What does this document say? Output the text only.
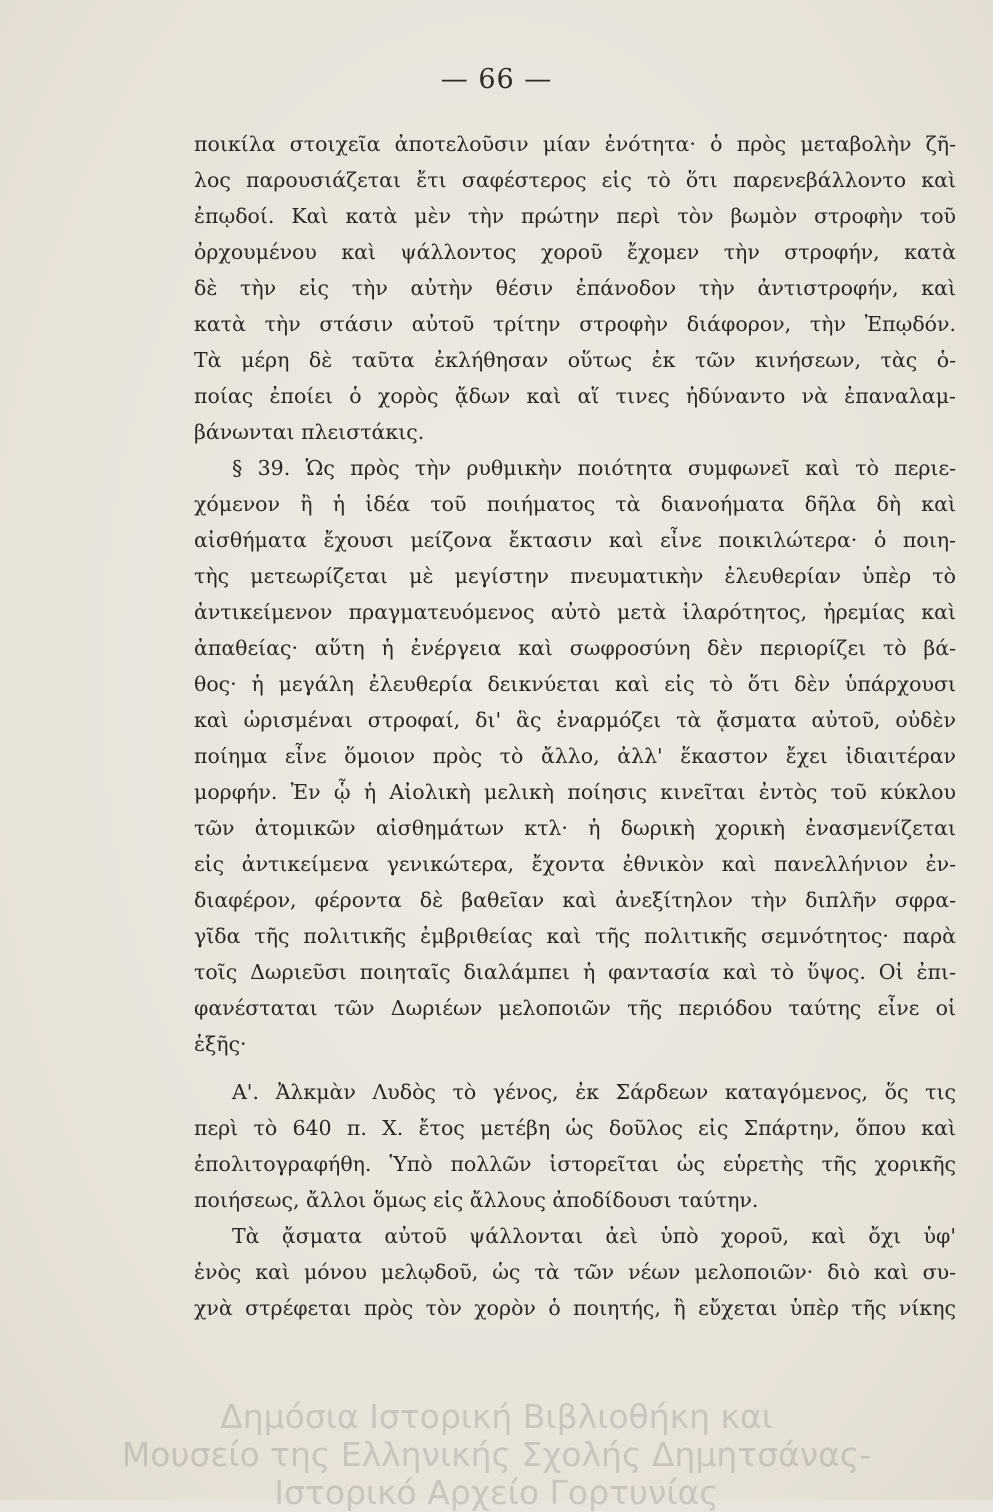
— 66 —
ποικίλα στοιχεῖα ἀποτελοῦσιν μίαν ἑνότητα· ὁ πρὸς μεταβολὴν ζῆ-
λος παρουσιάζεται ἔτι σαφέστερος εἰς τὸ ὅτι παρενεβάλλοντο καὶ
ἐπῳδοί. Καὶ κατὰ μὲν τὴν πρώτην περὶ τὸν βωμὸν στροφὴν τοῦ
ὀρχουμένου καὶ ψάλλοντος χοροῦ ἔχομεν τὴν στροφήν, κατὰ
δὲ τὴν εἰς τὴν αὐτὴν θέσιν ἐπάνοδον τὴν ἀντιστροφήν, καὶ
κατὰ τὴν στάσιν αὐτοῦ τρίτην στροφὴν διάφορον, τὴν Ἐπῳδόν.
Τὰ μέρη δὲ ταῦτα ἐκλήθησαν οὕτως ἐκ τῶν κινήσεων, τὰς ὁ-
ποίας ἐποίει ὁ χορὸς ᾄδων καὶ αἵ τινες ἠδύναντο νὰ ἐπαναλαμ-
βάνωνται πλειστάκις.
§ 39. Ὡς πρὸς τὴν ρυθμικὴν ποιότητα συμφωνεῖ καὶ τὸ περιε-
χόμενον ἢ ἡ ἰδέα τοῦ ποιήματος τὰ διανοήματα δῆλα δὴ καὶ
αἰσθήματα ἔχουσι μείζονα ἔκτασιν καὶ εἶνε ποικιλώτερα· ὁ ποιη-
τὴς μετεωρίζεται μὲ μεγίστην πνευματικὴν ἐλευθερίαν ὑπὲρ τὸ
ἀντικείμενον πραγματευόμενος αὐτὸ μετὰ ἱλαρότητος, ἠρεμίας καὶ
ἀπαθείας· αὕτη ἡ ἐνέργεια καὶ σωφροσύνη δὲν περιορίζει τὸ βά-
θος· ἡ μεγάλη ἐλευθερία δεικνύεται καὶ εἰς τὸ ὅτι δὲν ὑπάρχουσι
καὶ ὡρισμέναι στροφαί, δι' ἃς ἐναρμόζει τὰ ᾄσματα αὐτοῦ, οὐδὲν
ποίημα εἶνε ὅμοιον πρὸς τὸ ἄλλο, ἀλλ' ἕκαστον ἔχει ἰδιαιτέραν
μορφήν. Ἐν ᾧ ἡ Αἰολικὴ μελικὴ ποίησις κινεῖται ἐντὸς τοῦ κύκλου
τῶν ἀτομικῶν αἰσθημάτων κτλ· ἡ δωρικὴ χορικὴ ἐνασμενίζεται
εἰς ἀντικείμενα γενικώτερα, ἔχοντα ἐθνικὸν καὶ πανελλήνιον ἐν-
διαφέρον, φέροντα δὲ βαθεῖαν καὶ ἀνεξίτηλον τὴν διπλῆν σφρα-
γῖδα τῆς πολιτικῆς ἐμβριθείας καὶ τῆς πολιτικῆς σεμνότητος· παρὰ
τοῖς Δωριεῦσι ποιηταῖς διαλάμπει ἡ φαντασία καὶ τὸ ὕψος. Οἱ ἐπι-
φανέσταται τῶν Δωριέων μελοποιῶν τῆς περιόδου ταύτης εἶνε οἱ
ἑξῆς·
Α'. Ἀλκμὰν Λυδὸς τὸ γένος, ἐκ Σάρδεων καταγόμενος, ὅς τις
περὶ τὸ 640 π. Χ. ἔτος μετέβη ὡς δοῦλος εἰς Σπάρτην, ὅπου καὶ
ἐπολιτογραφήθη. Ὑπὸ πολλῶν ἱστορεῖται ὡς εὑρετὴς τῆς χορικῆς
ποιήσεως, ἄλλοι ὅμως εἰς ἄλλους ἀποδίδουσι ταύτην.
Τὰ ᾄσματα αὐτοῦ ψάλλονται ἀεὶ ὑπὸ χοροῦ, καὶ ὄχι ὑφ'
ἑνὸς καὶ μόνου μελῳδοῦ, ὡς τὰ τῶν νέων μελοποιῶν· διὸ καὶ συ-
χνὰ στρέφεται πρὸς τὸν χορὸν ὁ ποιητής, ἢ εὔχεται ὑπὲρ τῆς νίκης
Δημόσια Ιστορική Βιβλιοθήκη και
Μουσείο της Ελληνικής Σχολής Δημητσάνας-
Ιστορικό Αρχείο Γορτυνίας
